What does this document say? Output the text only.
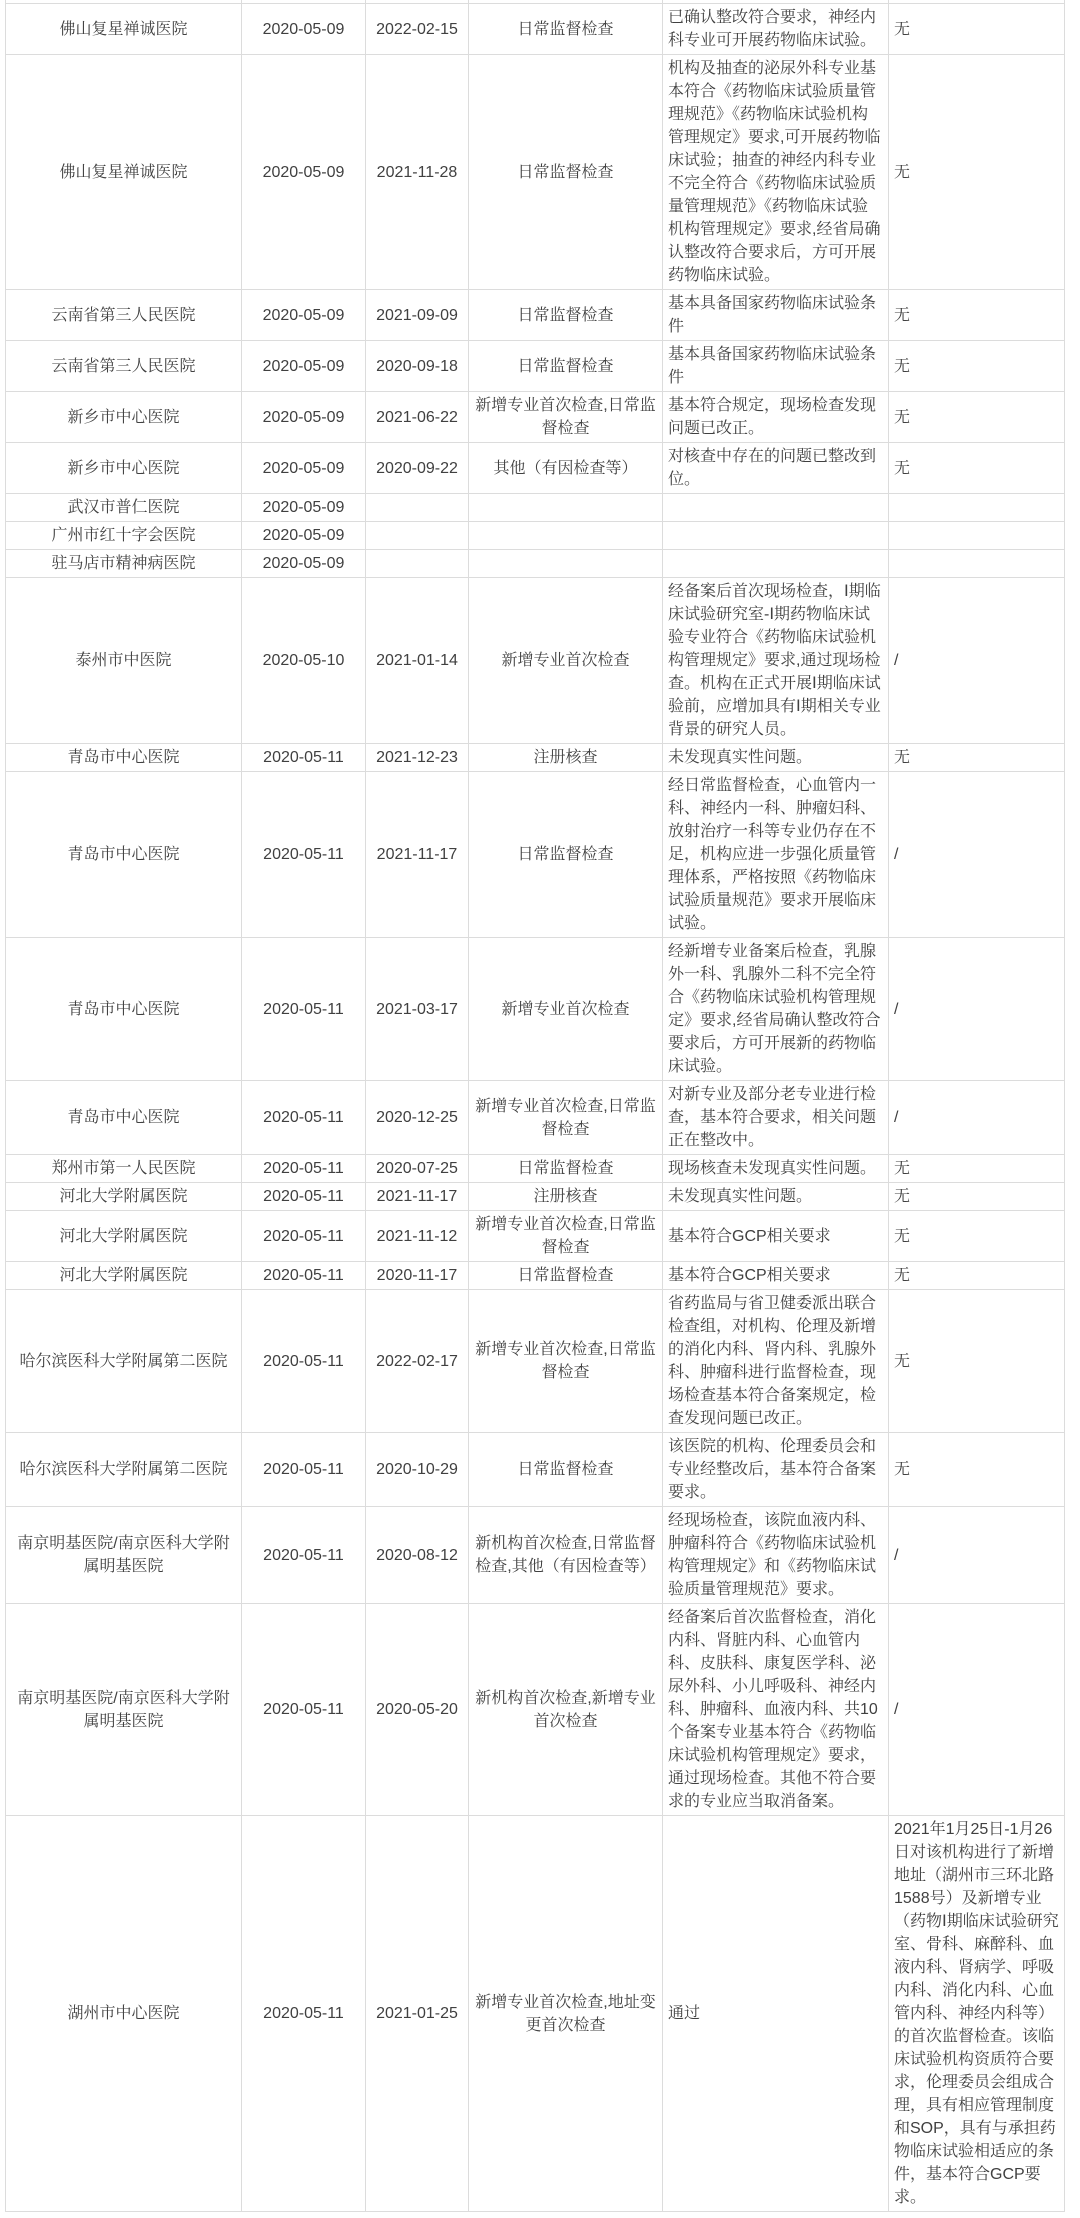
佛山复星禅诚医院	2020-05-09	2022-02-15	日常监督检查	已确认整改符合要求，神经内科专业可开展药物临床试验。	无
佛山复星禅诚医院	2020-05-09	2021-11-28	日常监督检查	机构及抽查的泌尿外科专业基本符合《药物临床试验质量管理规范》《药物临床试验机构管理规定》要求,可开展药物临床试验；抽查的神经内科专业不完全符合《药物临床试验质量管理规范》《药物临床试验机构管理规定》要求,经省局确认整改符合要求后，方可开展药物临床试验。	无
云南省第三人民医院	2020-05-09	2021-09-09	日常监督检查	基本具备国家药物临床试验条件	无
云南省第三人民医院	2020-05-09	2020-09-18	日常监督检查	基本具备国家药物临床试验条件	无
新乡市中心医院	2020-05-09	2021-06-22	新增专业首次检查,日常监督检查	基本符合规定，现场检查发现问题已改正。	无
新乡市中心医院	2020-05-09	2020-09-22	其他（有因检查等）	对核查中存在的问题已整改到位。	无
武汉市普仁医院	2020-05-09				
广州市红十字会医院	2020-05-09				
驻马店市精神病医院	2020-05-09				
泰州市中医院	2020-05-10	2021-01-14	新增专业首次检查	经备案后首次现场检查，Ⅰ期临床试验研究室-Ⅰ期药物临床试验专业符合《药物临床试验机构管理规定》要求,通过现场检查。机构在正式开展Ⅰ期临床试验前，应增加具有Ⅰ期相关专业背景的研究人员。	/
青岛市中心医院	2020-05-11	2021-12-23	注册核查	未发现真实性问题。	无
青岛市中心医院	2020-05-11	2021-11-17	日常监督检查	经日常监督检查，心血管内一科、神经内一科、肿瘤妇科、放射治疗一科等专业仍存在不足，机构应进一步强化质量管理体系，严格按照《药物临床试验质量规范》要求开展临床试验。	/
青岛市中心医院	2020-05-11	2021-03-17	新增专业首次检查	经新增专业备案后检查，乳腺外一科、乳腺外二科不完全符合《药物临床试验机构管理规定》要求,经省局确认整改符合要求后，方可开展新的药物临床试验。	/
青岛市中心医院	2020-05-11	2020-12-25	新增专业首次检查,日常监督检查	对新专业及部分老专业进行检查，基本符合要求，相关问题正在整改中。	/
郑州市第一人民医院	2020-05-11	2020-07-25	日常监督检查	现场核查未发现真实性问题。	无
河北大学附属医院	2020-05-11	2021-11-17	注册核查	未发现真实性问题。	无
河北大学附属医院	2020-05-11	2021-11-12	新增专业首次检查,日常监督检查	基本符合GCP相关要求	无
河北大学附属医院	2020-05-11	2020-11-17	日常监督检查	基本符合GCP相关要求	无
哈尔滨医科大学附属第二医院	2020-05-11	2022-02-17	新增专业首次检查,日常监督检查	省药监局与省卫健委派出联合检查组，对机构、伦理及新增的消化内科、肾内科、乳腺外科、肿瘤科进行监督检查，现场检查基本符合备案规定，检查发现问题已改正。	无
哈尔滨医科大学附属第二医院	2020-05-11	2020-10-29	日常监督检查	该医院的机构、伦理委员会和专业经整改后，基本符合备案要求。	无
南京明基医院/南京医科大学附属明基医院	2020-05-11	2020-08-12	新机构首次检查,日常监督检查,其他（有因检查等）	经现场检查，该院血液内科、肿瘤科符合《药物临床试验机构管理规定》和《药物临床试验质量管理规范》要求。	/
南京明基医院/南京医科大学附属明基医院	2020-05-11	2020-05-20	新机构首次检查,新增专业首次检查	经备案后首次监督检查，消化内科、肾脏内科、心血管内科、皮肤科、康复医学科、泌尿外科、小儿呼吸科、神经内科、肿瘤科、血液内科、共10个备案专业基本符合《药物临床试验机构管理规定》要求，通过现场检查。其他不符合要求的专业应当取消备案。	/
湖州市中心医院	2020-05-11	2021-01-25	新增专业首次检查,地址变更首次检查	通过	2021年1月25日-1月26日对该机构进行了新增地址（湖州市三环北路1588号）及新增专业（药物Ⅰ期临床试验研究室、骨科、麻醉科、血液内科、肾病学、呼吸内科、消化内科、心血管内科、神经内科等）的首次监督检查。该临床试验机构资质符合要求，伦理委员会组成合理，具有相应管理制度和SOP，具有与承担药物临床试验相适应的条件，基本符合GCP要求。
